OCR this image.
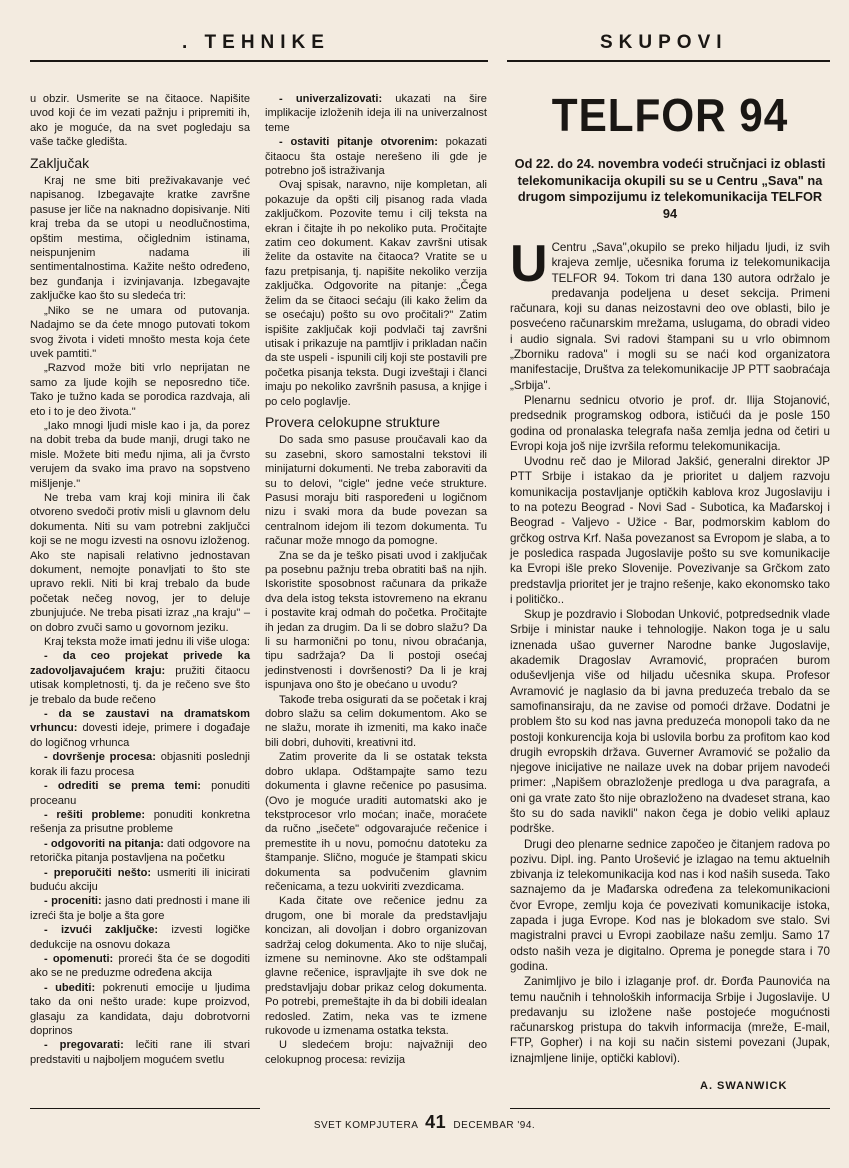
. TEHNIKE	SKUPOVI

u obzir. Usmerite se na čitaoce. Napišite uvod koji će im vezati pažnju i pripremiti ih, ako je moguće, da na svet pogledaju sa vaše tačke gledišta.

Zaključak

Kraj ne sme biti preživakavanje već napisanog. Izbegavajte kratke završne pasuse jer liče na naknadno dopisivanje. Niti kraj treba da se utopi u neodlučnostima, opštim mestima, očiglednim istinama, neispunjenim nadama ili sentimentalnostima. Kažite nešto određeno, bez gunđanja i izvinjavanja. Izbegavajte zaključke kao što su sledeća tri:

„Niko se ne umara od putovanja. Nadajmo se da ćete mnogo putovati tokom svog života i videti mnošto mesta koja ćete uvek pamtiti."

„Razvod može biti vrlo neprijatan ne samo za ljude kojih se neposredno tiče. Tako je tužno kada se porodica razdvaja, ali eto i to je deo života."

„Iako mnogi ljudi misle kao i ja, da porez na dobit treba da bude manji, drugi tako ne misle. Možete biti među njima, ali ja čvrsto verujem da svako ima pravo na sopstveno mišljenje."

Ne treba vam kraj koji minira ili čak otvoreno svedoči protiv misli u glavnom delu dokumenta. Niti su vam potrebni zaključci koji se ne mogu izvesti na osnovu izloženog. Ako ste napisali relativno jednostavan dokument, nemojte ponavljati to što ste upravo rekli. Niti bi kraj trebalo da bude početak nečeg novog, jer to deluje zbunjujuće. Ne treba pisati izraz „na kraju" – on dobro zvuči samo u govornom jeziku.

Kraj teksta može imati jednu ili više uloga:

- da ceo projekat privede ka zadovoljavajućem kraju: pružiti čitaocu utisak kompletnosti, tj. da je rečeno sve što je trebalo da bude rečeno

- da se zaustavi na dramatskom vrhuncu: dovesti ideje, primere i događaje do logičnog vrhunca

- dovršenje procesa: objasniti poslednji korak ili fazu procesa

- odrediti se prema temi: ponuditi proceanu

- rešiti probleme: ponuditi konkretna rešenja za prisutne probleme

- odgovoriti na pitanja: dati odgovore na retorička pitanja postavljena na početku

- preporučiti nešto: usmeriti ili inicirati buduću akciju

- proceniti: jasno dati prednosti i mane ili izreći šta je bolje a šta gore

- izvući zaključke: izvesti logičke dedukcije na osnovu dokaza

- opomenuti: proreći šta će se dogoditi ako se ne preduzme određena akcija

- ubediti: pokrenuti emocije u ljudima tako da oni nešto urade: kupe proizvod, glasaju za kandidata, daju dobrotvorni doprinos

- pregovarati: lečiti rane ili stvari predstaviti u najboljem mogućem svetlu

- univerzalizovati: ukazati na šire implikacije izloženih ideja ili na univerzalnost teme

- ostaviti pitanje otvorenim: pokazati čitaocu šta ostaje nerešeno ili gde je potrebno još istraživanja

Ovaj spisak, naravno, nije kompletan, ali pokazuje da opšti cilj pisanog rada vlada zaključkom. Pozovite temu i cilj teksta na ekran i čitajte ih po nekoliko puta. Pročitajte zatim ceo dokument. Kakav završni utisak želite da ostavite na čitaoca? Vratite se u fazu pretpisanja, tj. napišite nekoliko verzija zaključka. Odgovorite na pitanje: „Čega želim da se čitaoci sećaju (ili kako želim da se osećaju) pošto su ovo pročitali?" Zatim ispišite zaključak koji podvlači taj završni utisak i prikazuje na pamtljiv i prikladan način da ste uspeli - ispunili cilj koji ste postavili pre početka pisanja teksta. Dugi izveštaji i članci imaju po nekoliko završnih pasusa, a knjige i po celo poglavlje.

Provera celokupne strukture

Do sada smo pasuse proučavali kao da su zasebni, skoro samostalni tekstovi ili minijaturni dokumenti. Ne treba zaboraviti da su to delovi, "cigle" jedne veće strukture. Pasusi moraju biti raspoređeni u logičnom nizu i svaki mora da bude povezan sa centralnom idejom ili tezom dokumenta. Tu računar može mnogo da pomogne.

Zna se da je teško pisati uvod i zaključak pa posebnu pažnju treba obratiti baš na njih. Iskoristite sposobnost računara da prikaže dva dela istog teksta istovremeno na ekranu i postavite kraj odmah do početka. Pročitajte ih jedan za drugim. Da li se dobro slažu? Da li su harmonični po tonu, nivou obraćanja, tipu sadržaja? Da li postoji osećaj jedinstvenosti i dovršenosti? Da li je kraj ispunjava ono što je obećano u uvodu?

Takođe treba osigurati da se početak i kraj dobro slažu sa celim dokumentom. Ako se ne slažu, morate ih izmeniti, ma kako inače bili dobri, duhoviti, kreativni itd.

Zatim proverite da li se ostatak teksta dobro uklapa. Odštampajte samo tezu dokumenta i glavne rečenice po pasusima. (Ovo je moguće uraditi automatski ako je tekstprocesor vrlo moćan; inače, moraćete da ručno „isečete" odgovarajuće rečenice i premestite ih u novu, pomoćnu datoteku za štampanje. Slično, moguće je štampati skicu dokumenta sa podvučenim glavnim rečenicama, a tezu uokviriti zvezdicama.

Kada čitate ove rečenice jednu za drugom, one bi morale da predstavljaju koncizan, ali dovoljan i dobro organizovan sadržaj celog dokumenta. Ako to nije slučaj, izmene su neminovne. Ako ste odštampali glavne rečenice, ispravljajte ih sve dok ne predstavljaju dobar prikaz celog dokumenta. Po potrebi, premeštajte ih da bi dobili idealan redosled. Zatim, neka vas te izmene rukovode u izmenama ostatka teksta.

U sledećem broju: najvažniji deo celokupnog procesa: revizija

TELFOR 94
Od 22. do 24. novembra vodeći stručnjaci iz oblasti telekomunikacija okupili su se u Centru „Sava" na drugom simpozijumu iz telekomunikacija TELFOR 94

U Centru „Sava",okupilo se preko hiljadu ljudi, iz svih krajeva zemlje, učesnika foruma iz telekomunikacija TELFOR 94. Tokom tri dana 130 autora održalo je predavanja podeljena u deset sekcija. Primeni računara, koji su danas neizostavni deo ove oblasti, bilo je posvećeno računarskim mrežama, uslugama, do obradi video i audio signala. Svi radovi štampani su u vrlo obimnom „Zborniku radova" i mogli su se naći kod organizatora manifestacije, Društva za telekomunikacije JP PTT saobraćaja „Srbija".

Plenarnu sednicu otvorio je prof. dr. Ilija Stojanović, predsednik programskog odbora, ističući da je posle 150 godina od pronalaska telegrafa naša zemlja jedna od četiri u Evropi koja još nije izvršila reformu telekomunikacija.

Uvodnu reč dao je Milorad Jakšić, generalni direktor JP PTT Srbije i istakao da je prioritet u daljem razvoju komunikacija postavljanje optičkih kablova kroz Jugoslaviju i to na potezu Beograd - Novi Sad - Subotica, ka Mađarskoj i Beograd - Valjevo - Užice - Bar, podmorskim kablom do grčkog ostrva Krf. Naša povezanost sa Evropom je slaba, a to je posledica raspada Jugoslavije pošto su sve komunikacije ka Evropi išle preko Slovenije. Povezivanje sa Grčkom zato predstavlja prioritet jer je trajno rešenje, kako ekonomsko tako i političko..

Skup je pozdravio i Slobodan Unković, potpredsednik vlade Srbije i ministar nauke i tehnologije. Nakon toga je u salu iznenada ušao guverner Narodne banke Jugoslavije, akademik Dragoslav Avramović, propraćen burom oduševljenja više od hiljadu učesnika skupa. Profesor Avramović je naglasio da bi javna preduzeća trebalo da se samofinansiraju, da ne zavise od pomoći države. Dodatni je problem što su kod nas javna preduzeća monopoli tako da ne postoji konkurencija koja bi uslovila borbu za profitom kao kod drugih evropskih država. Guverner Avramović se požalio da njegove inicijative ne nailaze uvek na dobar prijem navodeći primer: „Napišem obrazloženje predloga u dva paragrafa, a oni ga vrate zato što nije obrazloženo na dvadeset strana, kao što su do sada navikli" nakon čega je dobio veliki aplauz podrške.

Drugi deo plenarne sednice započeo je čitanjem radova po pozivu. Dipl. ing. Panto Urošević je izlagao na temu aktuelnih zbivanja iz telekomunikacija kod nas i kod naših suseda. Tako saznajemo da je Mađarska određena za telekomunikacioni čvor Evrope, zemlju koja će povezivati komunikacije istoka, zapada i juga Evrope. Kod nas je blokadom sve stalo. Svi magistralni pravci u Evropi zaobilaze našu zemlju. Samo 17 odsto naših veza je digitalno. Oprema je ponegde stara i 70 godina.

Zanimljivo je bilo i izlaganje prof. dr. Đorđa Paunovića na temu naučnih i tehnoloških informacija Srbije i Jugoslavije. U predavanju su izložene naše postojeće mogućnosti računarskog pristupa do takvih informacija (mreže, E-mail, FTP, Gopher) i na koji su način sistemi povezani (Jupak, iznajmljene linije, optički kablovi).

A. SWANWICK
SVET KOMPJUTERA 41 DECEMBAR '94.
